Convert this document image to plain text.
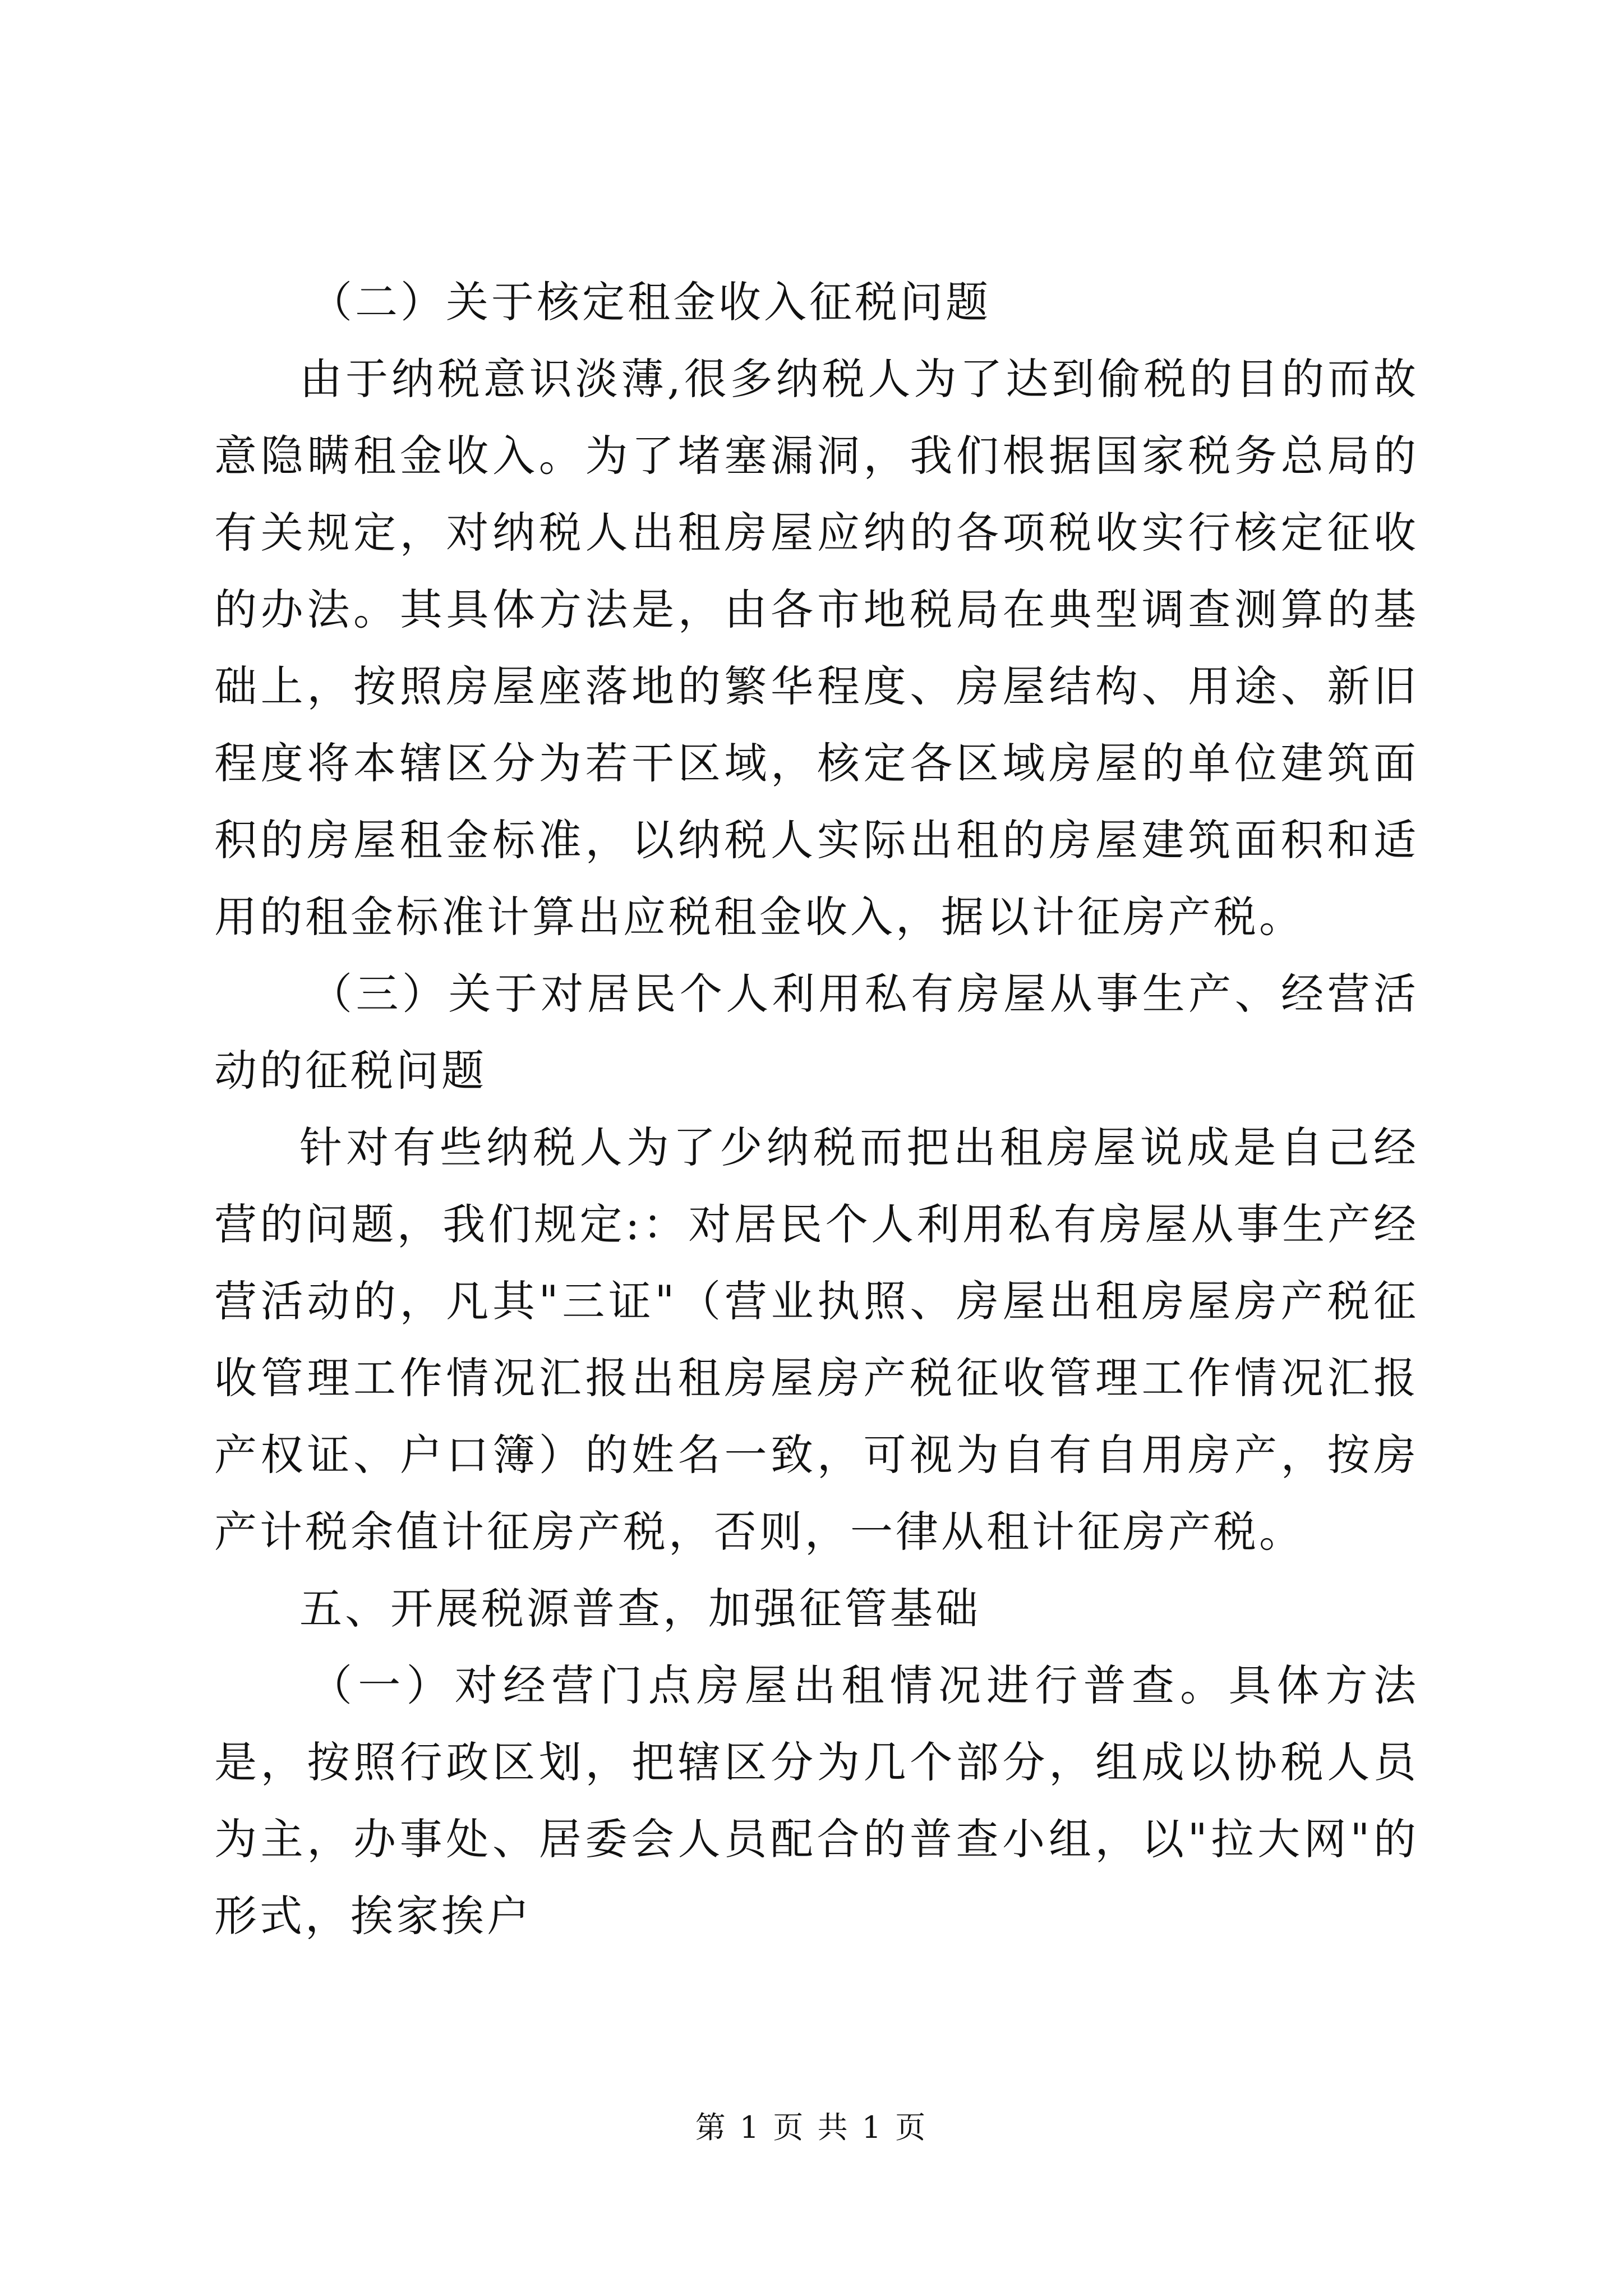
（二）关于核定租金收入征税问题

由于纳税意识淡薄,很多纳税人为了达到偷税的目的而故意隐瞒租金收入。为了堵塞漏洞，我们根据国家税务总局的有关规定，对纳税人出租房屋应纳的各项税收实行核定征收的办法。其具体方法是，由各市地税局在典型调查测算的基础上，按照房屋座落地的繁华程度、房屋结构、用途、新旧程度将本辖区分为若干区域，核定各区域房屋的单位建筑面积的房屋租金标准，以纳税人实际出租的房屋建筑面积和适用的租金标准计算出应税租金收入，据以计征房产税。

（三）关于对居民个人利用私有房屋从事生产、经营活动的征税问题

针对有些纳税人为了少纳税而把出租房屋说成是自己经营的问题，我们规定:：对居民个人利用私有房屋从事生产经营活动的，凡其"三证"（营业执照、房屋出租房屋房产税征收管理工作情况汇报出租房屋房产税征收管理工作情况汇报产权证、户口簿）的姓名一致，可视为自有自用房产，按房产计税余值计征房产税，否则，一律从租计征房产税。

五、开展税源普查，加强征管基础

（一）对经营门点房屋出租情况进行普查。具体方法是，按照行政区划，把辖区分为几个部分，组成以协税人员为主，办事处、居委会人员配合的普查小组，以"拉大网"的形式，挨家挨户

第 1 页 共 1 页
